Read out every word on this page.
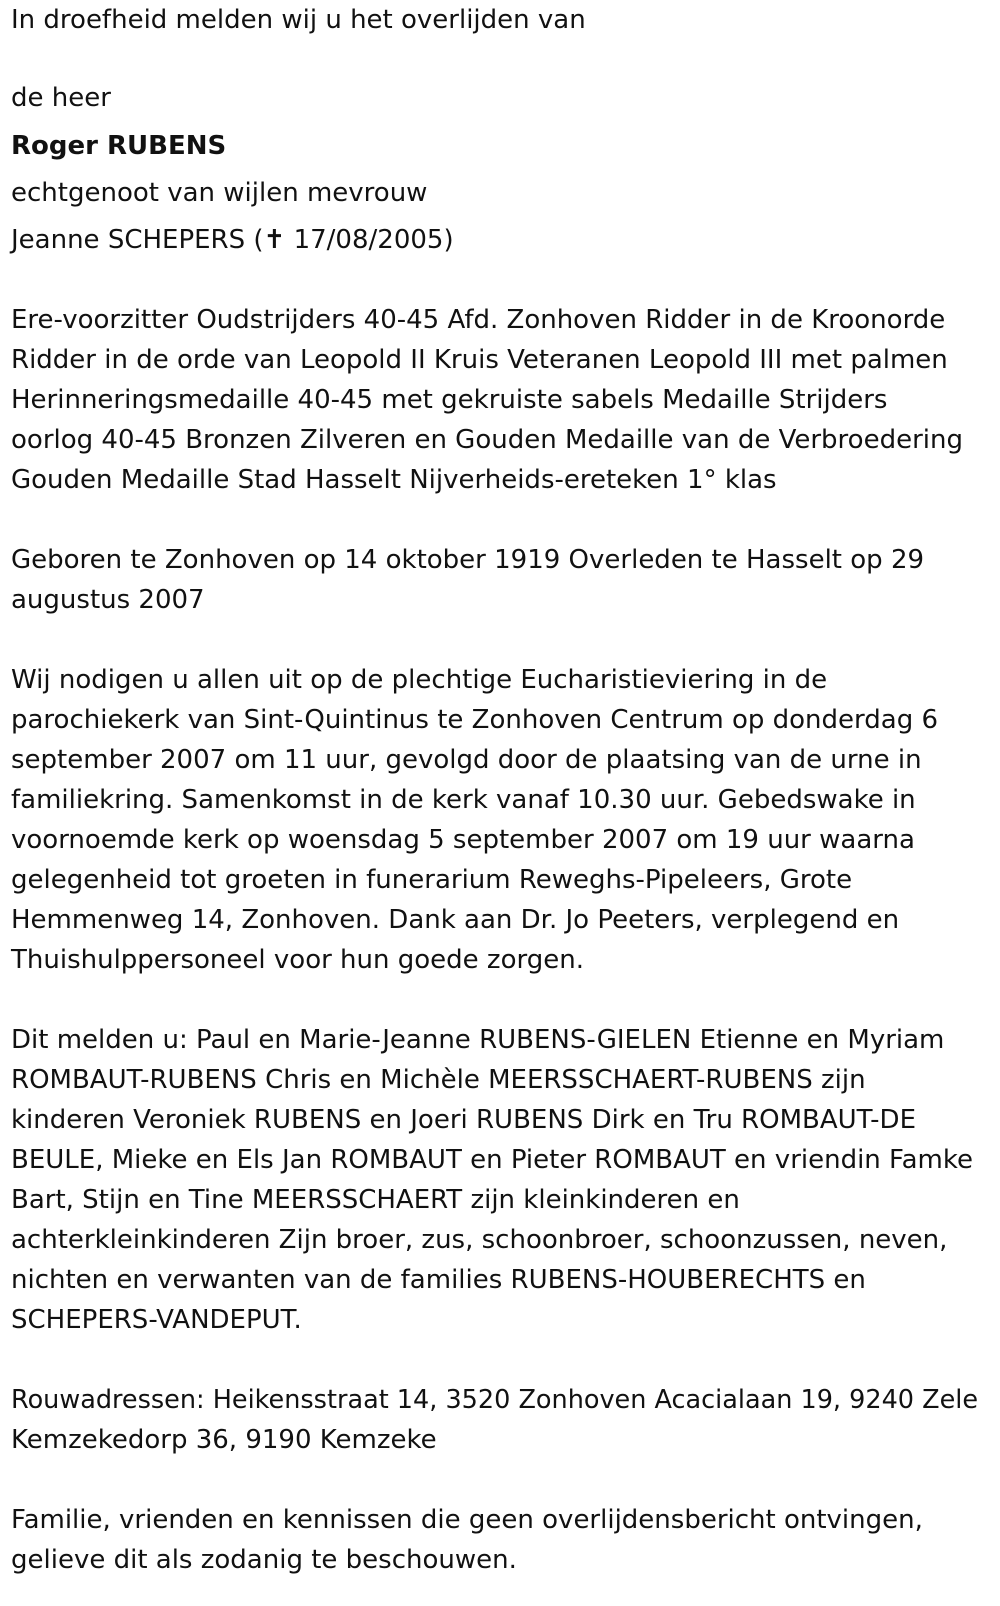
In droefheid melden wij u het overlijden van

de heer

Roger RUBENS

echtgenoot van wijlen mevrouw

Jeanne SCHEPERS (✝ 17/08/2005)

Ere-voorzitter Oudstrijders 40-45 Afd. Zonhoven Ridder in de Kroonorde

Ridder in de orde van Leopold II Kruis Veteranen Leopold III met palmen

Herinneringsmedaille 40-45 met gekruiste sabels Medaille Strijders

oorlog 40-45 Bronzen Zilveren en Gouden Medaille van de Verbroedering

Gouden Medaille Stad Hasselt Nijverheids-ereteken 1° klas

Geboren te Zonhoven op 14 oktober 1919 Overleden te Hasselt op 29

augustus 2007

Wij nodigen u allen uit op de plechtige Eucharistieviering in de

parochiekerk van Sint-Quintinus te Zonhoven Centrum op donderdag 6

september 2007 om 11 uur, gevolgd door de plaatsing van de urne in

familiekring. Samenkomst in de kerk vanaf 10.30 uur. Gebedswake in

voornoemde kerk op woensdag 5 september 2007 om 19 uur waarna

gelegenheid tot groeten in funerarium Reweghs-Pipeleers, Grote

Hemmenweg 14, Zonhoven. Dank aan Dr. Jo Peeters, verplegend en

Thuishulppersoneel voor hun goede zorgen.

Dit melden u: Paul en Marie-Jeanne RUBENS-GIELEN Etienne en Myriam

ROMBAUT-RUBENS Chris en Michèle MEERSSCHAERT-RUBENS zijn

kinderen Veroniek RUBENS en Joeri RUBENS Dirk en Tru ROMBAUT-DE

BEULE, Mieke en Els Jan ROMBAUT en Pieter ROMBAUT en vriendin Famke

Bart, Stijn en Tine MEERSSCHAERT zijn kleinkinderen en

achterkleinkinderen Zijn broer, zus, schoonbroer, schoonzussen, neven,

nichten en verwanten van de families RUBENS-HOUBERECHTS en

SCHEPERS-VANDEPUT.

Rouwadressen: Heikensstraat 14, 3520 Zonhoven Acacialaan 19, 9240 Zele

Kemzekedorp 36, 9190 Kemzeke

Familie, vrienden en kennissen die geen overlijdensbericht ontvingen,

gelieve dit als zodanig te beschouwen.
